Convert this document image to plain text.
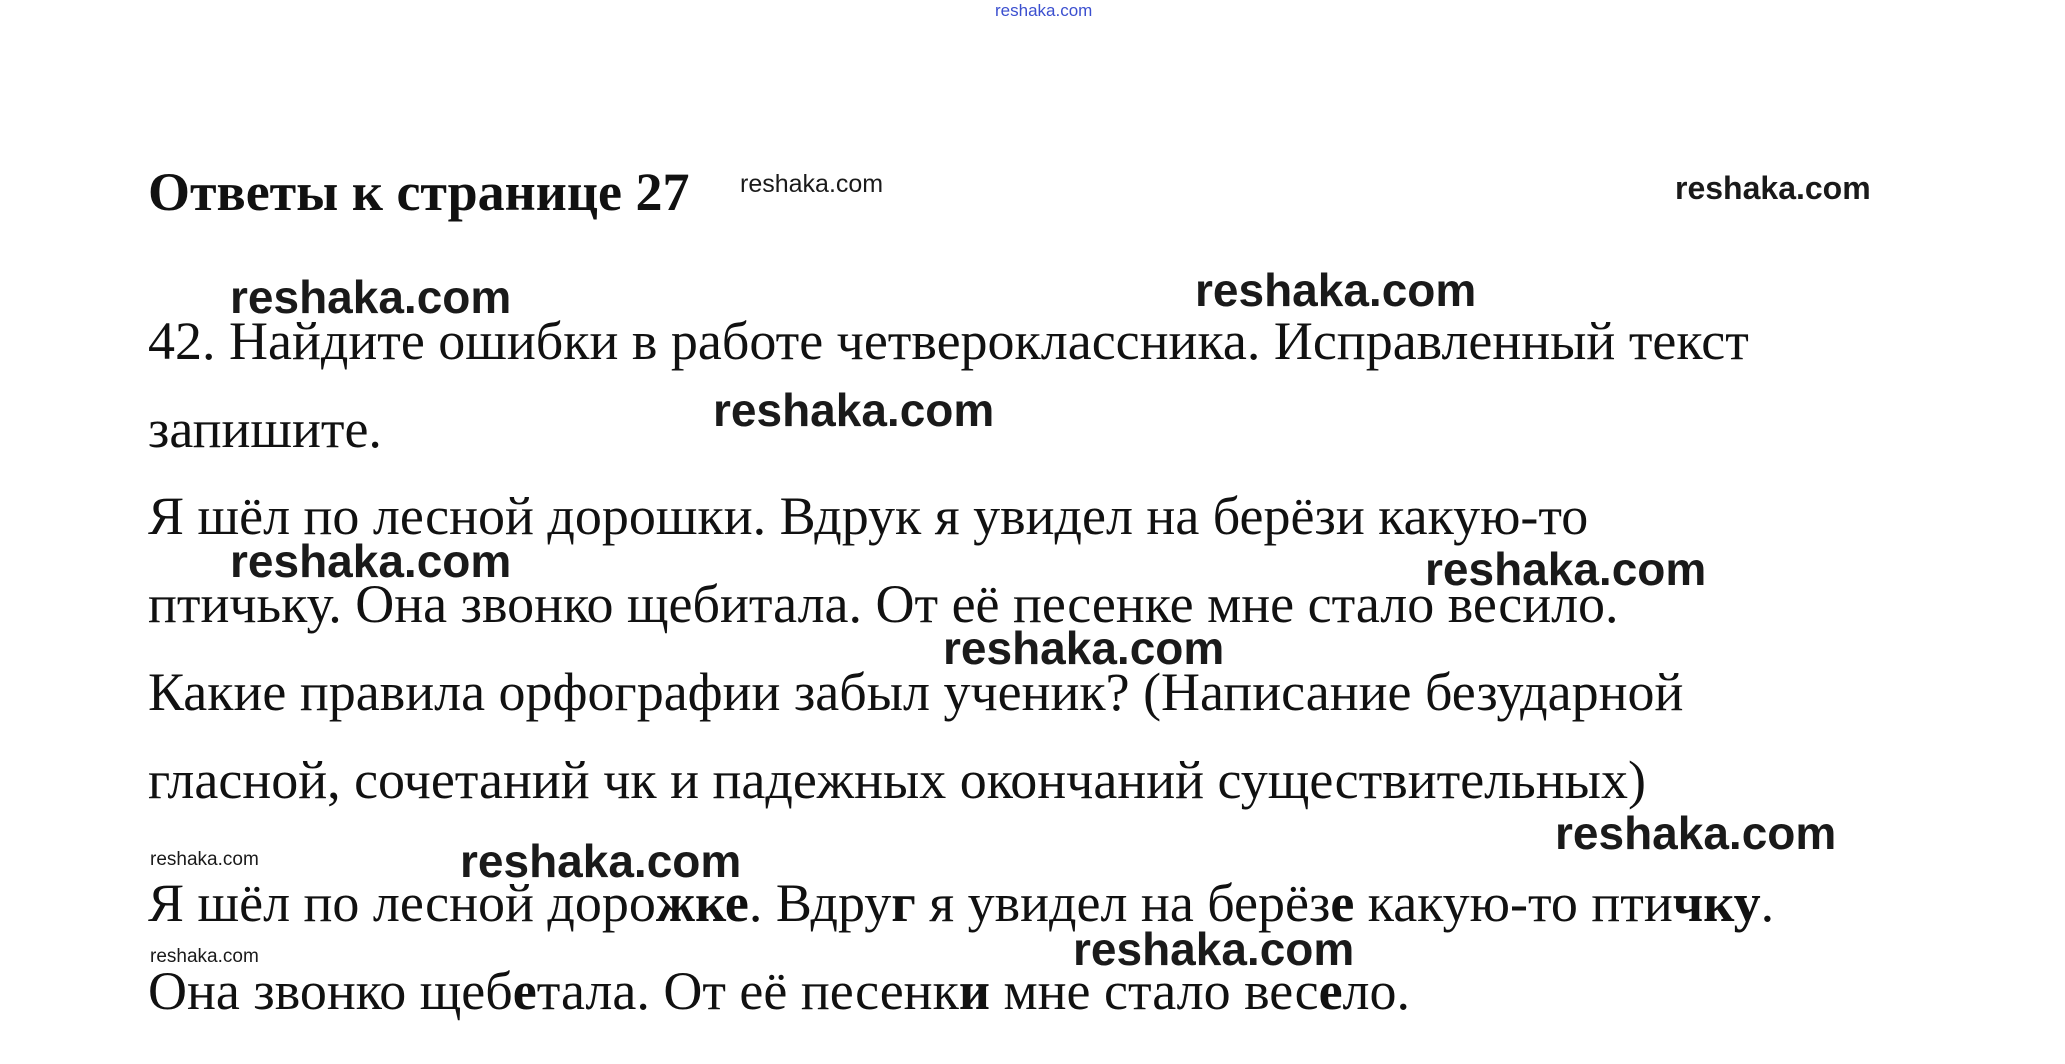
reshaka.com
Ответы к странице 27 reshaka.com	reshaka.com
reshaka.com	reshaka.com
42. Найдите ошибки в работе четвероклассника. Исправленный текст
reshaka.com
запишите.
Я шёл по лесной дорошки. Вдрук я увидел на берёзи какую-то
reshaka.com	reshaka.com
птичьку. Она звонко щебитала. От её песенке мне стало весило.
reshaka.com
Какие правила орфографии забыл ученик? (Написание безударной
гласной, сочетаний чк и падежных окончаний существительных)
reshaka.com	reshaka.com
reshaka.com
Я шёл по лесной дорожке. Вдруг я увидел на берёзе какую-то птичку.
reshaka.com	reshaka.com
Она звонко щебетала. От её песенки мне стало весело.
